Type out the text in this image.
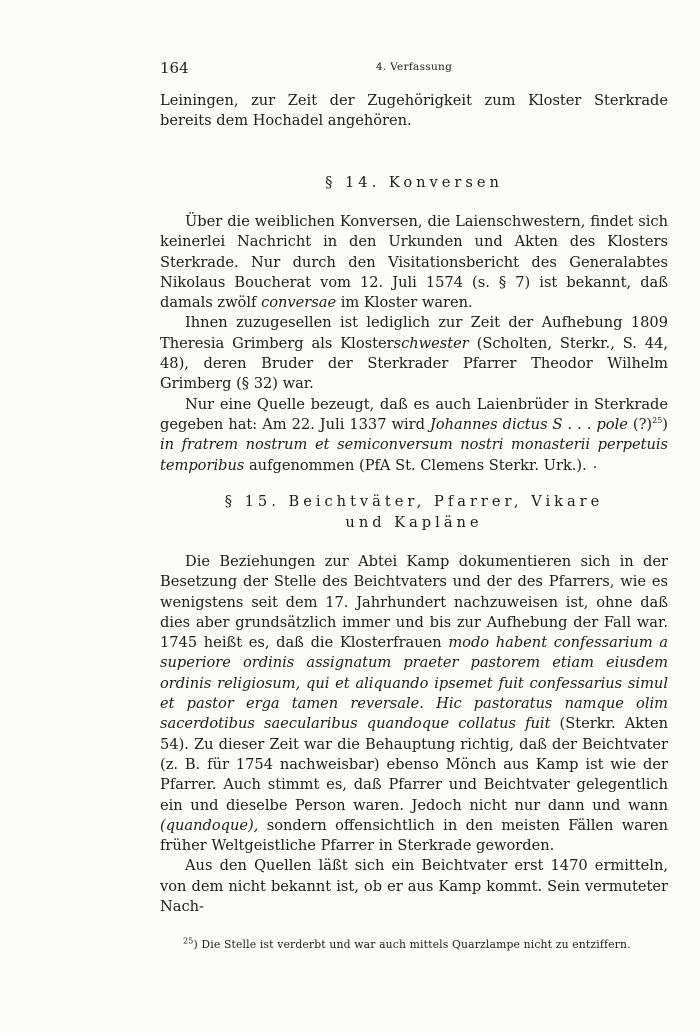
164	4. Verfassung

Leiningen, zur Zeit der Zugehörigkeit zum Kloster Sterkrade bereits dem Hochadel angehören.

§ 14. Konversen

Über die weiblichen Konversen, die Laienschwestern, findet sich keinerlei Nachricht in den Urkunden und Akten des Klosters Sterkrade. Nur durch den Visitationsbericht des Generalabtes Nikolaus Boucherat vom 12. Juli 1574 (s. § 7) ist bekannt, daß damals zwölf conversae im Kloster waren.

Ihnen zuzugesellen ist lediglich zur Zeit der Aufhebung 1809 Theresia Grimberg als Klosterschwester (Scholten, Sterkr., S. 44, 48), deren Bruder der Sterkrader Pfarrer Theodor Wilhelm Grimberg (§ 32) war.

Nur eine Quelle bezeugt, daß es auch Laienbrüder in Sterkrade gegeben hat: Am 22. Juli 1337 wird Johannes dictus S . . . pole (?)$^{25}$) in fratrem nostrum et semiconversum nostri monasterii perpetuis temporibus aufgenommen (PfA St. Clemens Sterkr. Urk.).

§ 15. Beichtväter, Pfarrer, Vikare
und Kapläne

Die Beziehungen zur Abtei Kamp dokumentieren sich in der Besetzung der Stelle des Beichtvaters und der des Pfarrers, wie es wenigstens seit dem 17. Jahrhundert nachzuweisen ist, ohne daß dies aber grundsätzlich immer und bis zur Aufhebung der Fall war. 1745 heißt es, daß die Klosterfrauen modo habent confessarium a superiore ordinis assignatum praeter pastorem etiam eiusdem ordinis religiosum, qui et aliquando ipsemet fuit confessarius simul et pastor erga tamen reversale. Hic pastoratus namque olim sacerdotibus saecularibus quandoque collatus fuit (Sterkr. Akten 54). Zu dieser Zeit war die Behauptung richtig, daß der Beichtvater (z. B. für 1754 nachweisbar) ebenso Mönch aus Kamp ist wie der Pfarrer. Auch stimmt es, daß Pfarrer und Beichtvater gelegentlich ein und dieselbe Person waren. Jedoch nicht nur dann und wann (quandoque), sondern offensichtlich in den meisten Fällen waren früher Weltgeistliche Pfarrer in Sterkrade geworden.

Aus den Quellen läßt sich ein Beichtvater erst 1470 ermitteln, von dem nicht bekannt ist, ob er aus Kamp kommt. Sein vermuteter Nach-

$^{25}$) Die Stelle ist verderbt und war auch mittels Quarzlampe nicht zu entziffern.
